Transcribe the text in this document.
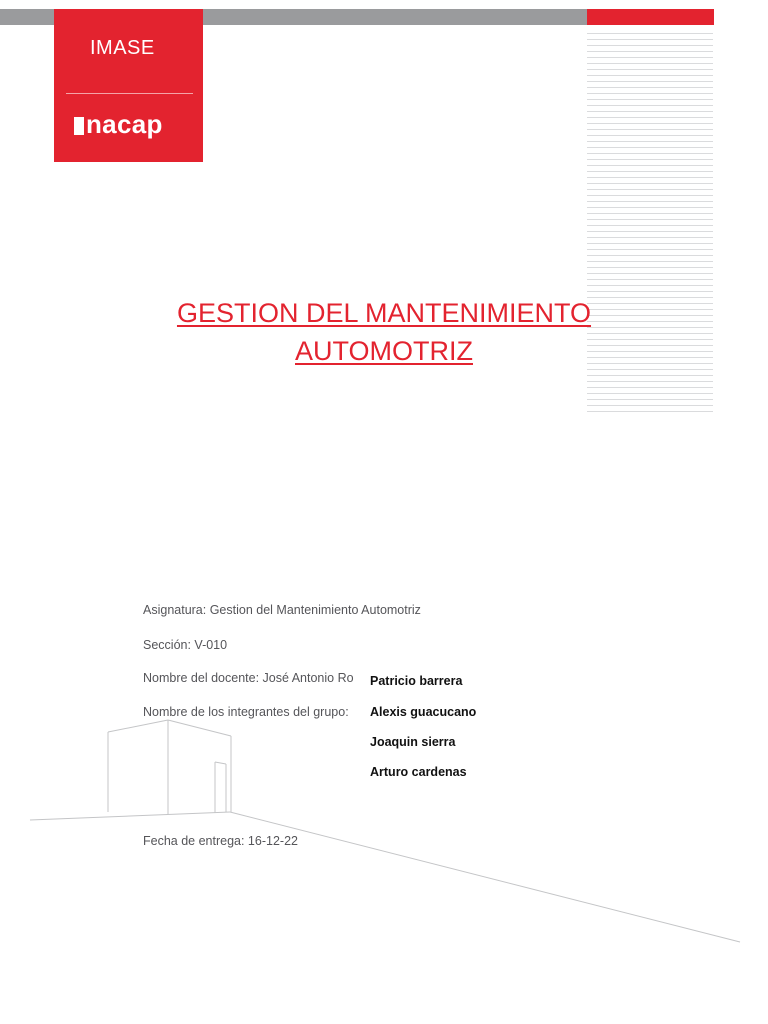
IMASE
nacap
GESTION DEL MANTENIMIENTO
AUTOMOTRIZ
Asignatura: Gestion del Mantenimiento Automotriz
Sección: V-010
Nombre del docente: José Antonio Ro
Nombre de los integrantes del grupo:
Patricio barrera
Alexis guacucano
Joaquin sierra
Arturo cardenas
Fecha de entrega: 16-12-22
